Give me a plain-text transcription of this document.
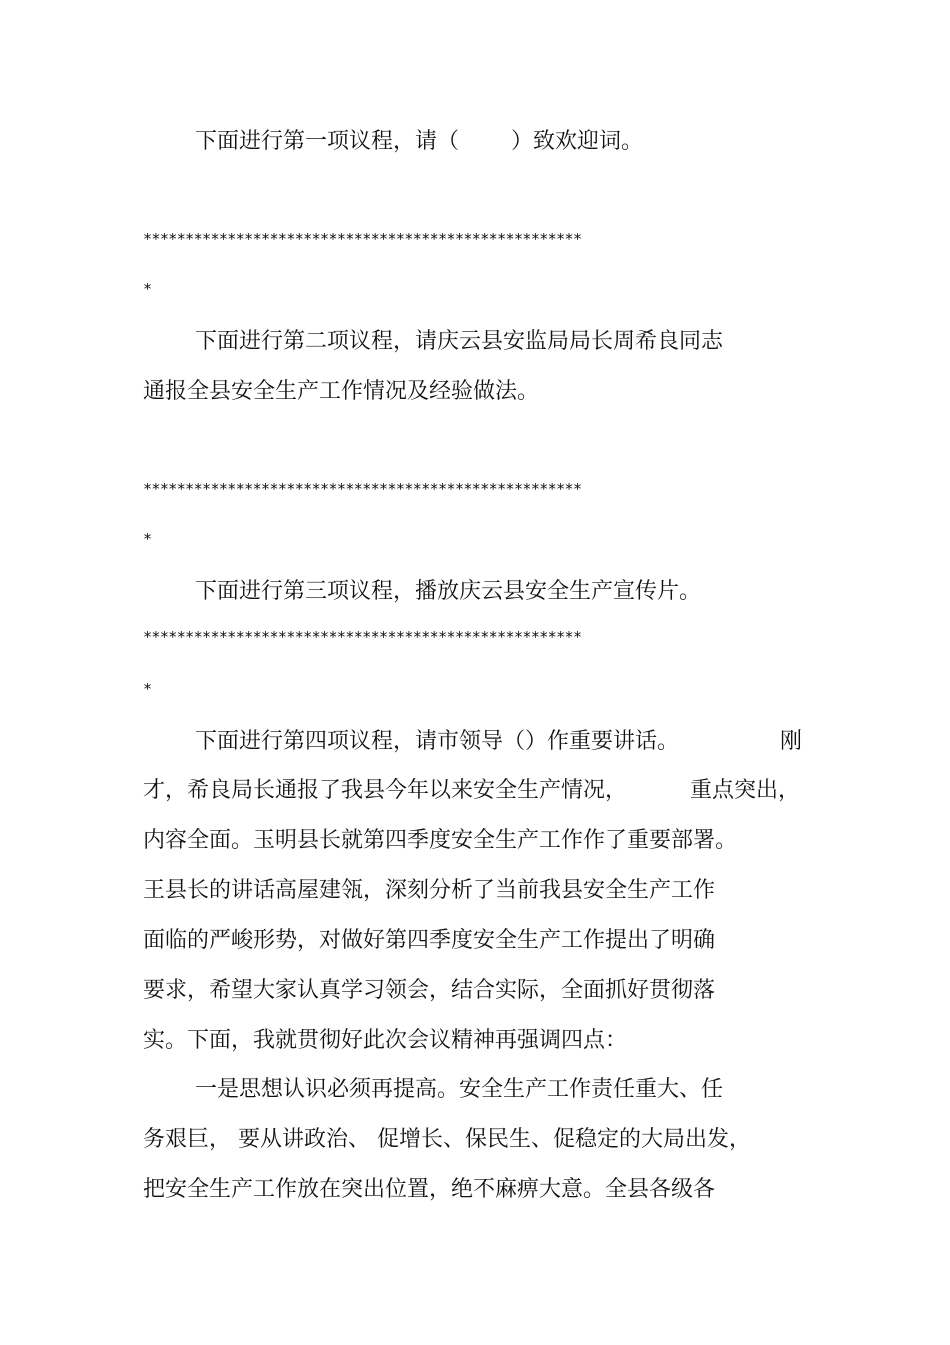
下面进行第一项议程，请（ ）致欢迎词。
****************************************************
*
下面进行第二项议程，请庆云县安监局局长周希良同志
通报全县安全生产工作情况及经验做法。
****************************************************
*
下面进行第三项议程，播放庆云县安全生产宣传片。
****************************************************
*
下面进行第四项议程，请市领导（）作重要讲话。	刚
才，希良局长通报了我县今年以来安全生产情况，	重点突出，
内容全面。玉明县长就第四季度安全生产工作作了重要部署。
王县长的讲话高屋建瓴，深刻分析了当前我县安全生产工作
面临的严峻形势，对做好第四季度安全生产工作提出了明确
要求，希望大家认真学习领会，结合实际，全面抓好贯彻落
实。下面，我就贯彻好此次会议精神再强调四点：
一是思想认识必须再提高。安全生产工作责任重大、任
务艰巨， 要从讲政治、 促增长、保民生、促稳定的大局出发，
把安全生产工作放在突出位置，绝不麻痹大意。全县各级各
